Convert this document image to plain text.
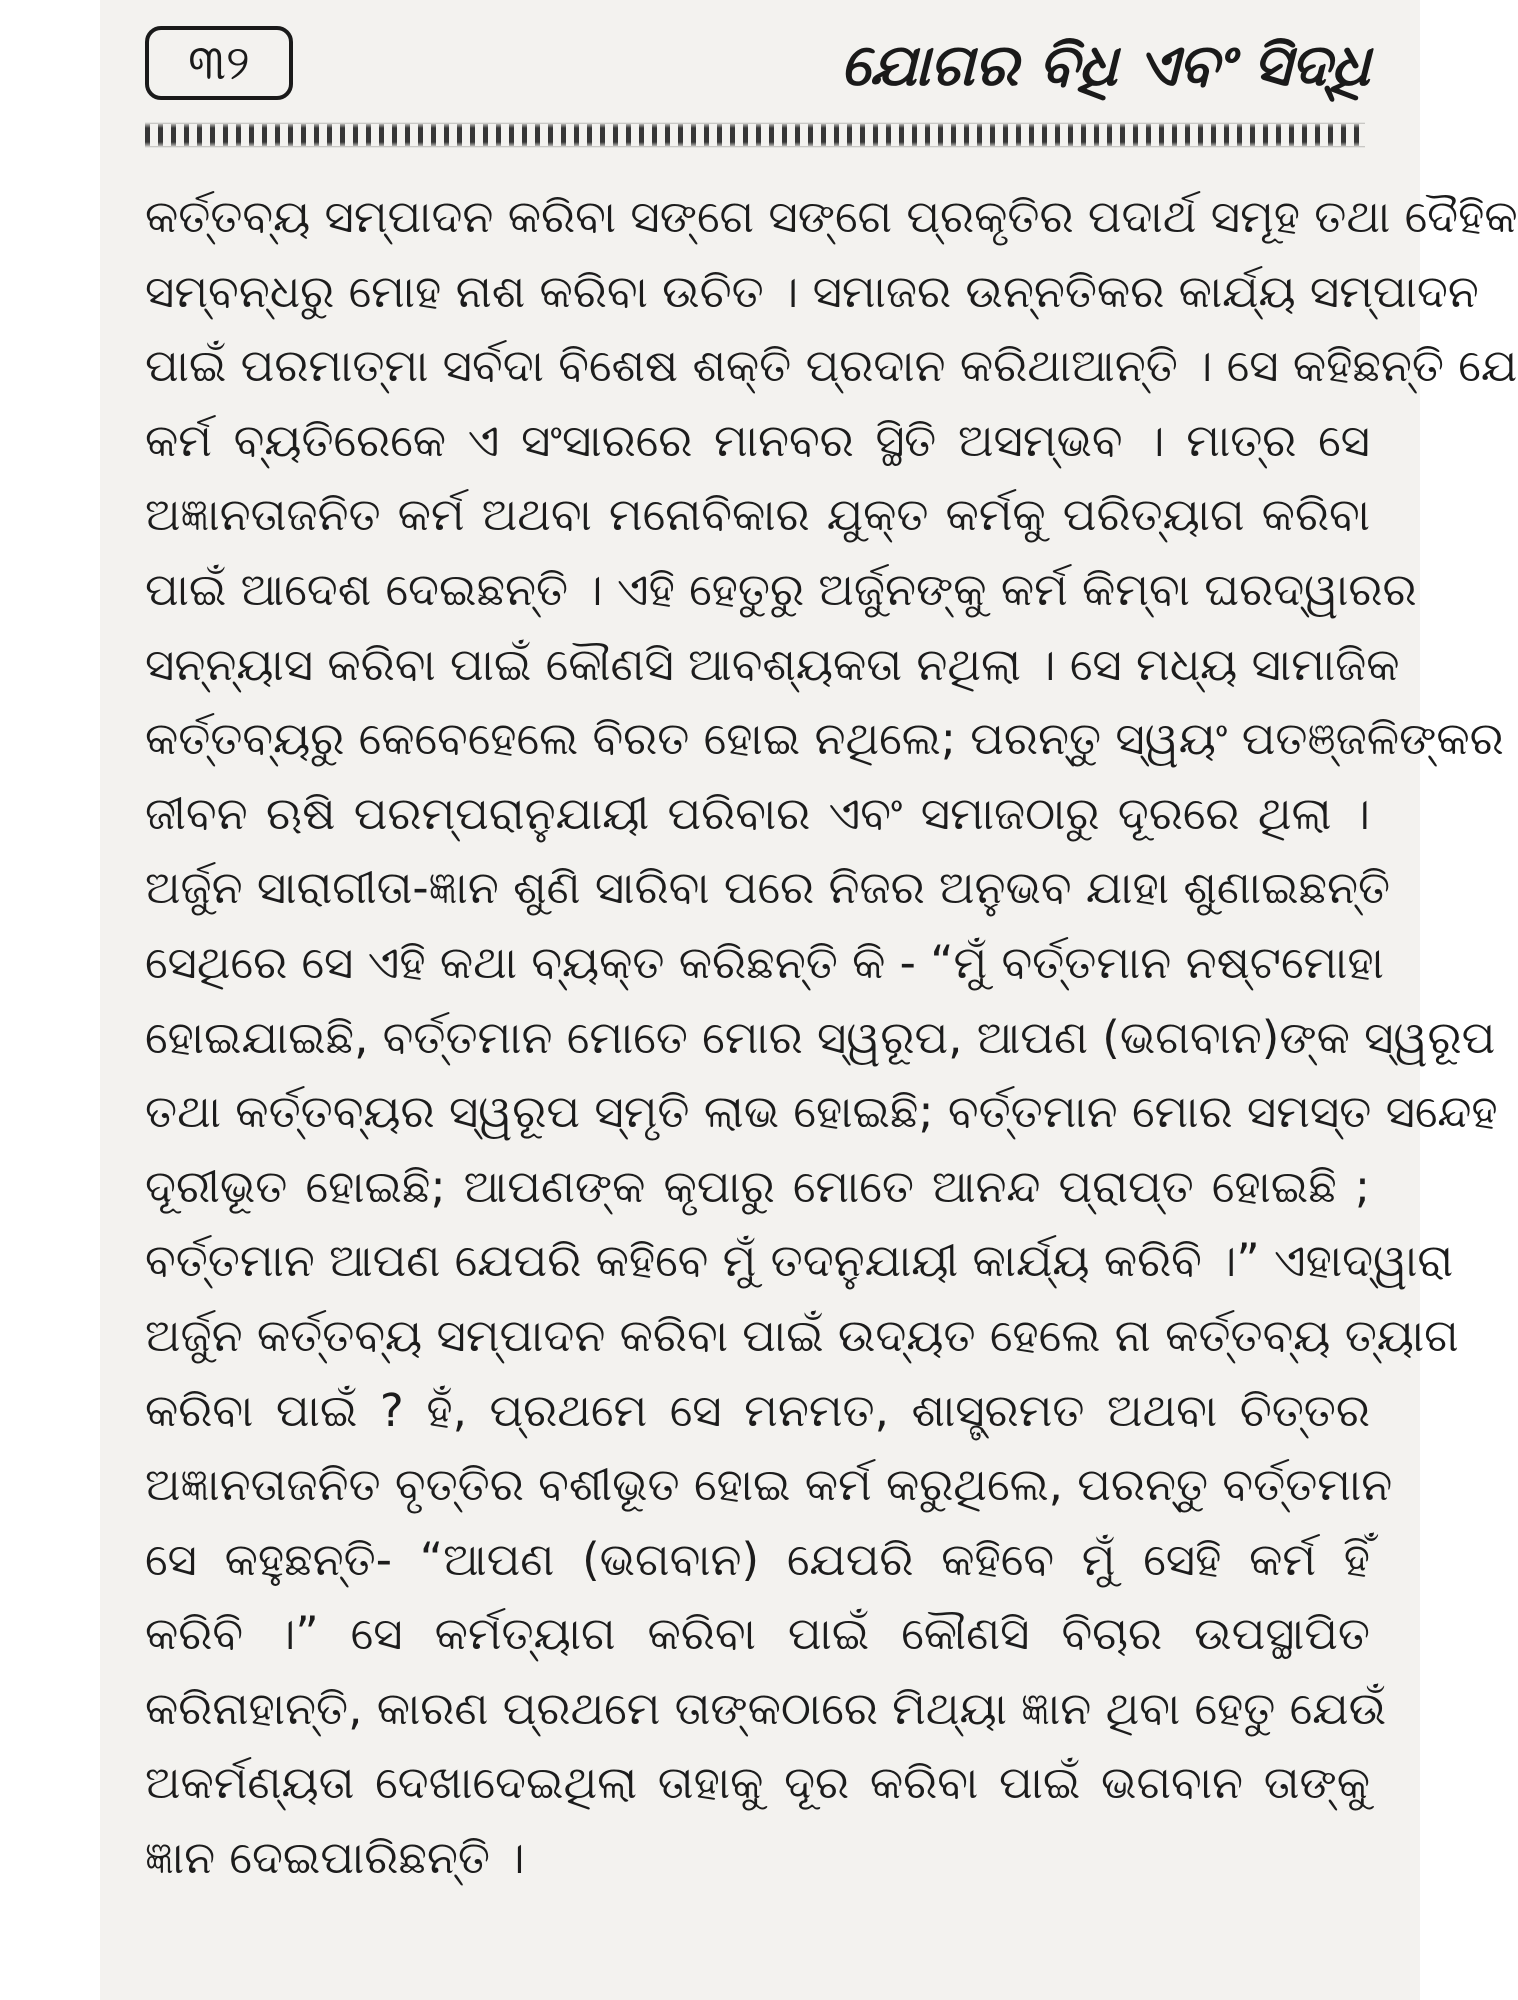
୩୨	ଯୋଗର ବିଧି ଏବଂ ସିଦ୍ଧି
କର୍ତ୍ତବ୍ୟ ସମ୍ପାଦନ କରିବା ସଙ୍ଗେ ସଙ୍ଗେ ପ୍ରକୃତିର ପଦାର୍ଥ ସମୂହ ତଥା ଦୈହିକ
ସମ୍ବନ୍ଧରୁ ମୋହ ନାଶ କରିବା ଉଚିତ । ସମାଜର ଉନ୍ନତିକର କାର୍ଯ୍ୟ ସମ୍ପାଦନ
ପାଇଁ ପରମାତ୍ମା ସର୍ବଦା ବିଶେଷ ଶକ୍ତି ପ୍ରଦାନ କରିଥାଆନ୍ତି । ସେ କହିଛନ୍ତି ଯେ
କର୍ମ ବ୍ୟତିରେକେ ଏ ସଂସାରରେ ମାନବର ସ୍ଥିତି ଅସମ୍ଭବ । ମାତ୍ର ସେ
ଅଜ୍ଞାନତାଜନିତ କର୍ମ ଅଥବା ମନୋବିକାର ଯୁକ୍ତ କର୍ମକୁ ପରିତ୍ୟାଗ କରିବା
ପାଇଁ ଆଦେଶ ଦେଇଛନ୍ତି । ଏହି ହେତୁରୁ ଅର୍ଜୁନଙ୍କୁ କର୍ମ କିମ୍ବା ଘରଦ୍ୱାରର
ସନ୍ନ୍ୟାସ କରିବା ପାଇଁ କୌଣସି ଆବଶ୍ୟକତା ନଥିଲା । ସେ ମଧ୍ୟ ସାମାଜିକ
କର୍ତ୍ତବ୍ୟରୁ କେବେହେଲେ ବିରତ ହୋଇ ନଥିଲେ; ପରନ୍ତୁ ସ୍ୱୟଂ ପତଞ୍ଜଳିଙ୍କର
ଜୀବନ ଋଷି ପରମ୍ପରାନୁଯାୟୀ ପରିବାର ଏବଂ ସମାଜଠାରୁ ଦୂରରେ ଥିଲା ।
ଅର୍ଜୁନ ସାରାଗୀତା-ଜ୍ଞାନ ଶୁଣି ସାରିବା ପରେ ନିଜର ଅନୁଭବ ଯାହା ଶୁଣାଇଛନ୍ତି
ସେଥିରେ ସେ ଏହି କଥା ବ୍ୟକ୍ତ କରିଛନ୍ତି କି - “ମୁଁ ବର୍ତ୍ତମାନ ନଷ୍ଟମୋହା
ହୋଇଯାଇଛି, ବର୍ତ୍ତମାନ ମୋତେ ମୋର ସ୍ୱରୂପ, ଆପଣ (ଭଗବାନ)ଙ୍କ ସ୍ୱରୂପ
ତଥା କର୍ତ୍ତବ୍ୟର ସ୍ୱରୂପ ସ୍ମୃତି ଲାଭ ହୋଇଛି; ବର୍ତ୍ତମାନ ମୋର ସମସ୍ତ ସନ୍ଦେହ
ଦୂରୀଭୂତ ହୋଇଛି; ଆପଣଙ୍କ କୃପାରୁ ମୋତେ ଆନନ୍ଦ ପ୍ରାପ୍ତ ହୋଇଛି ;
ବର୍ତ୍ତମାନ ଆପଣ ଯେପରି କହିବେ ମୁଁ ତଦନୁଯାୟୀ କାର୍ଯ୍ୟ କରିବି ।” ଏହାଦ୍ୱାରା
ଅର୍ଜୁନ କର୍ତ୍ତବ୍ୟ ସମ୍ପାଦନ କରିବା ପାଇଁ ଉଦ୍ୟତ ହେଲେ ନା କର୍ତ୍ତବ୍ୟ ତ୍ୟାଗ
କରିବା ପାଇଁ ? ହଁ, ପ୍ରଥମେ ସେ ମନମତ, ଶାସ୍ତ୍ରମତ ଅଥବା ଚିତ୍ତର
ଅଜ୍ଞାନତାଜନିତ ବୃତ୍ତିର ବଶୀଭୂତ ହୋଇ କର୍ମ କରୁଥିଲେ, ପରନ୍ତୁ ବର୍ତ୍ତମାନ
ସେ କହୁଛନ୍ତି- “ଆପଣ (ଭଗବାନ) ଯେପରି କହିବେ ମୁଁ ସେହି କର୍ମ ହିଁ
କରିବି ।” ସେ କର୍ମତ୍ୟାଗ କରିବା ପାଇଁ କୌଣସି ବିଚାର ଉପସ୍ଥାପିତ
କରିନାହାନ୍ତି, କାରଣ ପ୍ରଥମେ ତାଙ୍କଠାରେ ମିଥ୍ୟା ଜ୍ଞାନ ଥିବା ହେତୁ ଯେଉଁ
ଅକର୍ମଣ୍ୟତା ଦେଖାଦେଇଥିଲା ତାହାକୁ ଦୂର କରିବା ପାଇଁ ଭଗବାନ ତାଙ୍କୁ
ଜ୍ଞାନ ଦେଇପାରିଛନ୍ତି ।
